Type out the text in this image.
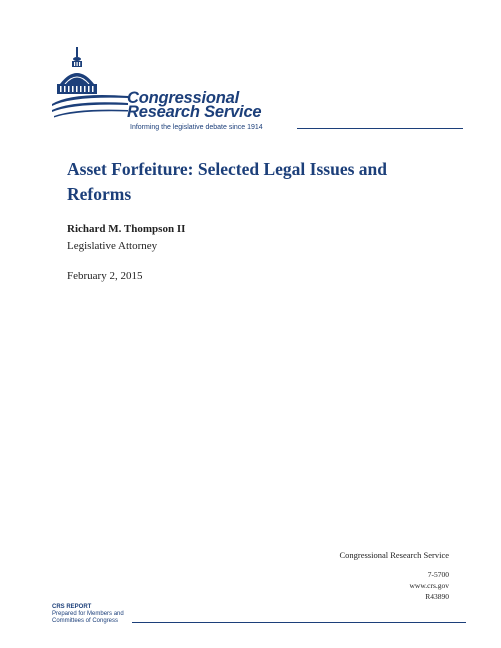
Congressional
Research Service
Informing the legislative debate since 1914
Asset Forfeiture: Selected Legal Issues and Reforms
Richard M. Thompson II
Legislative Attorney
February 2, 2015
Congressional Research Service
7-5700
www.crs.gov
R43890
CRS REPORT
Prepared for Members and
Committees of Congress
